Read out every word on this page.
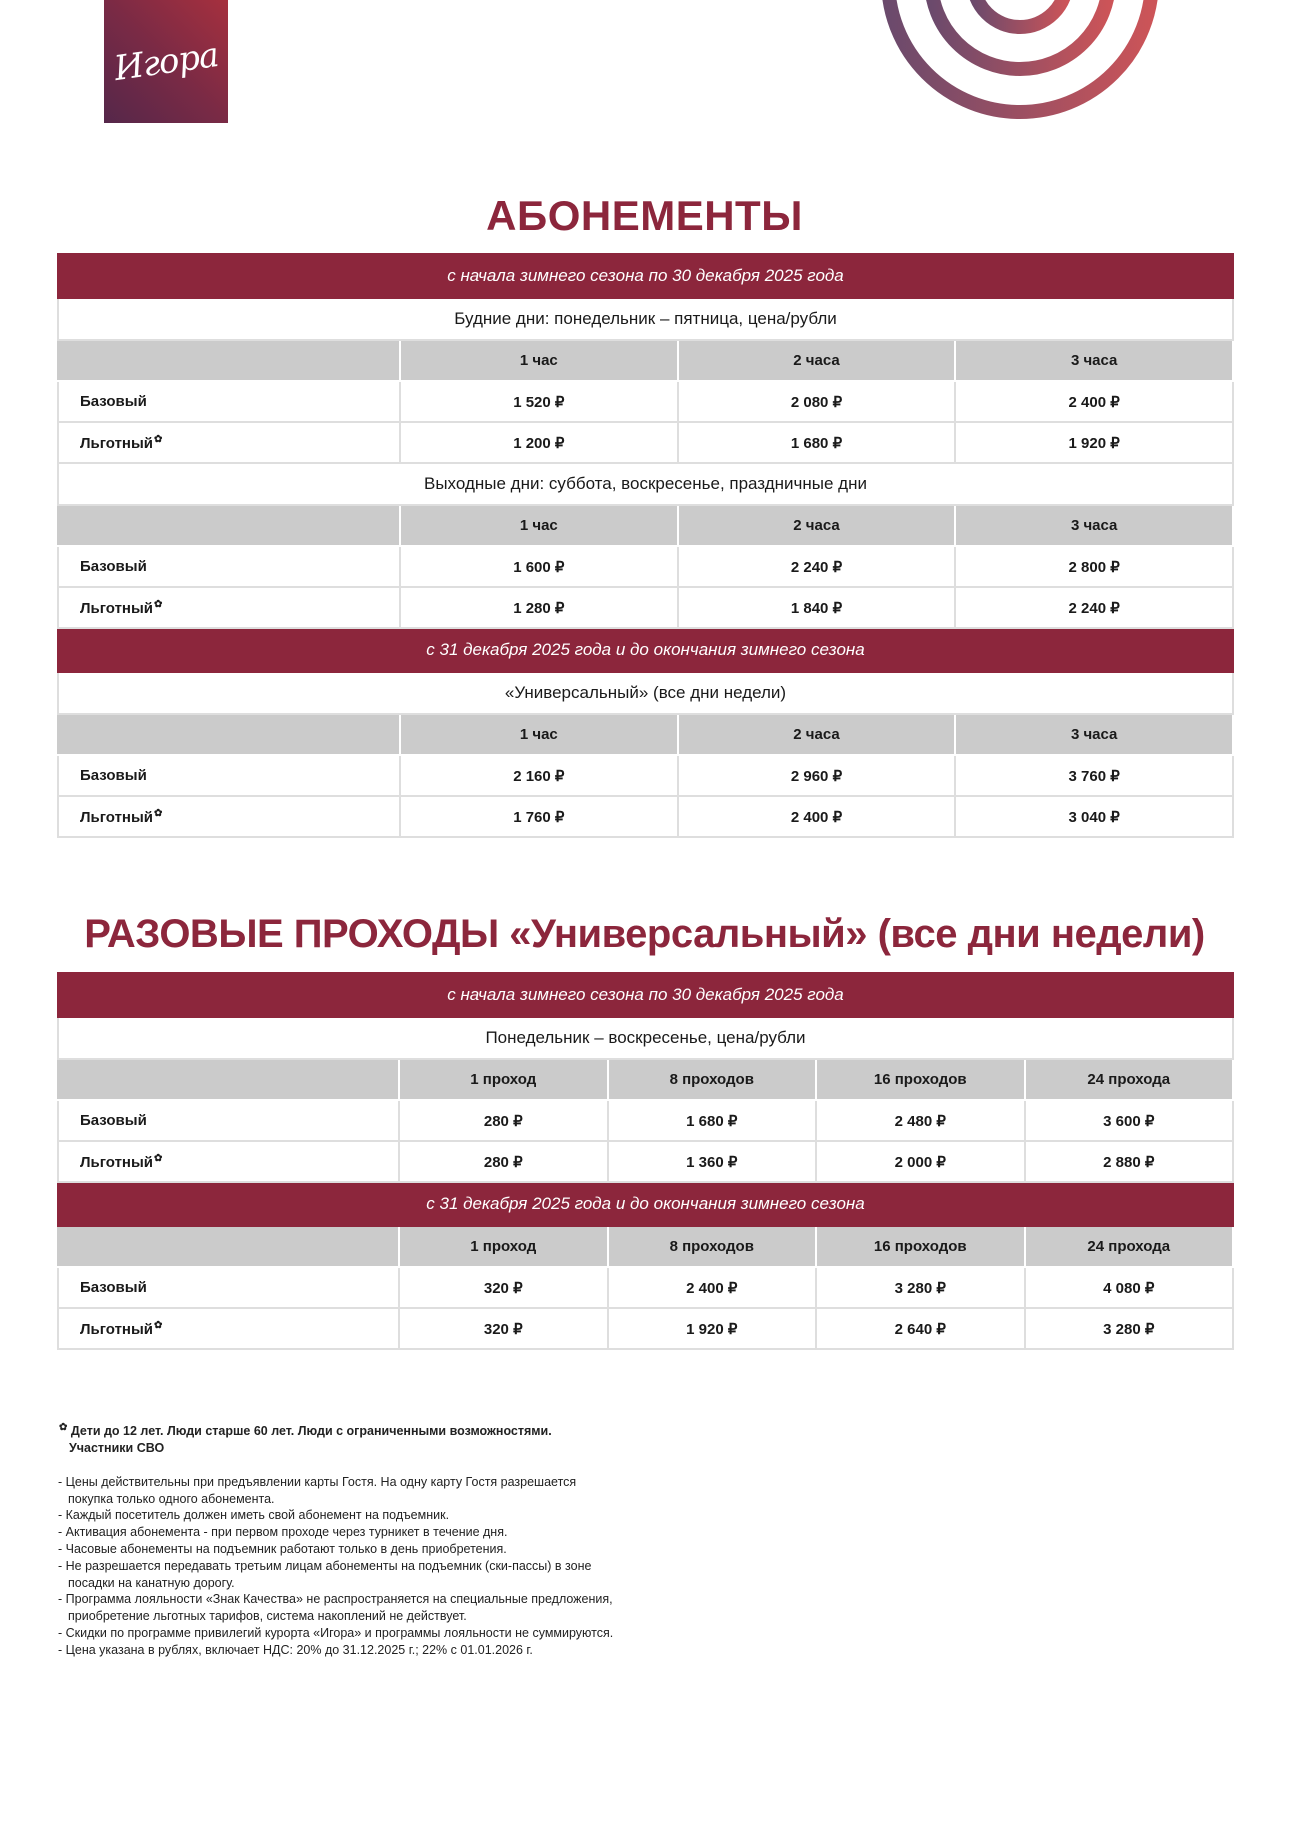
Игора
АБОНЕМЕНТЫ
с начала зимнего сезона по 30 декабря 2025 года			
Будние дни: понедельник – пятница, цена/рубли			
	1 час	2 часа	3 часа
Базовый	1 520 ₽	2 080 ₽	2 400 ₽
Льготный✿	1 200 ₽	1 680 ₽	1 920 ₽
Выходные дни: суббота, воскресенье, праздничные дни			
	1 час	2 часа	3 часа
Базовый	1 600 ₽	2 240 ₽	2 800 ₽
Льготный✿	1 280 ₽	1 840 ₽	2 240 ₽
с 31 декабря 2025 года и до окончания зимнего сезона			
«Универсальный» (все дни недели)			
	1 час	2 часа	3 часа
Базовый	2 160 ₽	2 960 ₽	3 760 ₽
Льготный✿	1 760 ₽	2 400 ₽	3 040 ₽
РАЗОВЫЕ ПРОХОДЫ «Универсальный» (все дни недели)
с начала зимнего сезона по 30 декабря 2025 года				
Понедельник – воскресенье, цена/рубли				
	1 проход	8 проходов	16 проходов	24 прохода
Базовый	280 ₽	1 680 ₽	2 480 ₽	3 600 ₽
Льготный✿	280 ₽	1 360 ₽	2 000 ₽	2 880 ₽
с 31 декабря 2025 года и до окончания зимнего сезона				
	1 проход	8 проходов	16 проходов	24 прохода
Базовый	320 ₽	2 400 ₽	3 280 ₽	4 080 ₽
Льготный✿	320 ₽	1 920 ₽	2 640 ₽	3 280 ₽
✿ Дети до 12 лет. Люди старше 60 лет. Люди с ограниченными возможностями.
Участники СВО
- Цены действительны при предъявлении карты Гостя. На одну карту Гостя разрешается покупка только одного абонемента.
- Каждый посетитель должен иметь свой абонемент на подъемник.
- Активация абонемента - при первом проходе через турникет в течение дня.
- Часовые абонементы на подъемник работают только в день приобретения.
- Не разрешается передавать третьим лицам абонементы на подъемник (ски-пассы) в зоне посадки на канатную дорогу.
- Программа лояльности «Знак Качества» не распространяется на специальные предложения, приобретение льготных тарифов, система накоплений не действует.
- Скидки по программе привилегий курорта «Игора» и программы лояльности не суммируются.
- Цена указана в рублях, включает НДС: 20% до 31.12.2025 г.; 22% с 01.01.2026 г.
